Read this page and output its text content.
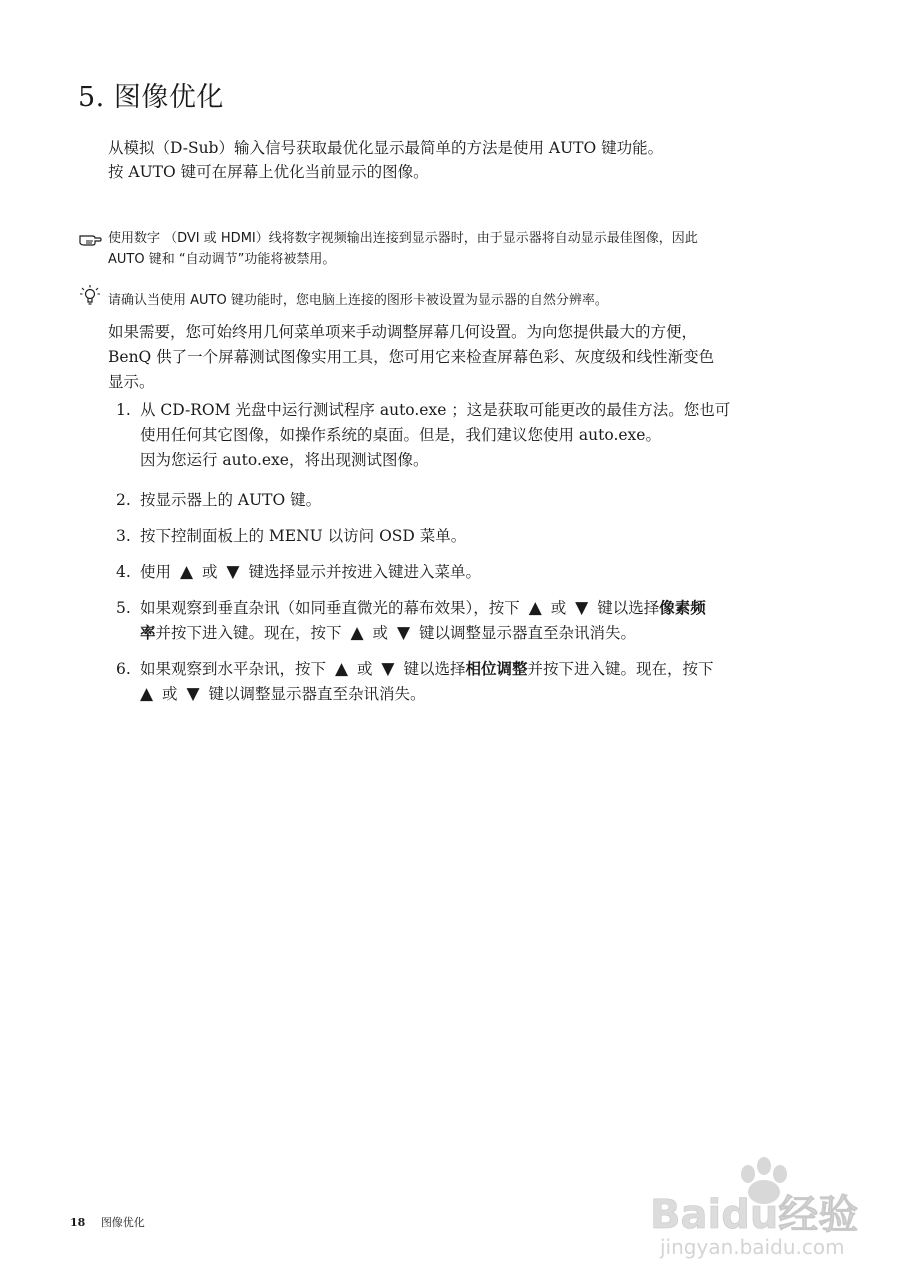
5. 图像优化
从模拟（D-Sub）输入信号获取最优化显示最简单的方法是使用 AUTO 键功能。
按 AUTO 键可在屏幕上优化当前显示的图像。
使用数字 （DVI 或 HDMI）线将数字视频输出连接到显示器时，由于显示器将自动显示最佳图像，因此
AUTO 键和 “自动调节”功能将被禁用。
请确认当使用 AUTO 键功能时，您电脑上连接的图形卡被设置为显示器的自然分辨率。
如果需要，您可始终用几何菜单项来手动调整屏幕几何设置。为向您提供最大的方便，
BenQ 供了一个屏幕测试图像实用工具，您可用它来检查屏幕色彩、灰度级和线性渐变色
显示。
1. 从 CD-ROM 光盘中运行测试程序 auto.exe ；这是获取可能更改的最佳方法。您也可
使用任何其它图像，如操作系统的桌面。但是，我们建议您使用 auto.exe。
因为您运行 auto.exe，将出现测试图像。
2. 按显示器上的 AUTO 键。
3. 按下控制面板上的 MENU 以访问 OSD 菜单。
4. 使用 ▲ 或 ▼ 键选择显示并按进入键进入菜单。
5. 如果观察到垂直杂讯（如同垂直微光的幕布效果），按下 ▲ 或 ▼ 键以选择像素频
率并按下进入键。现在，按下 ▲ 或 ▼ 键以调整显示器直至杂讯消失。
6. 如果观察到水平杂讯，按下 ▲ 或 ▼ 键以选择相位调整并按下进入键。现在，按下
▲ 或 ▼ 键以调整显示器直至杂讯消失。
18 图像优化	Baidu经验
jingyan.baidu.com
